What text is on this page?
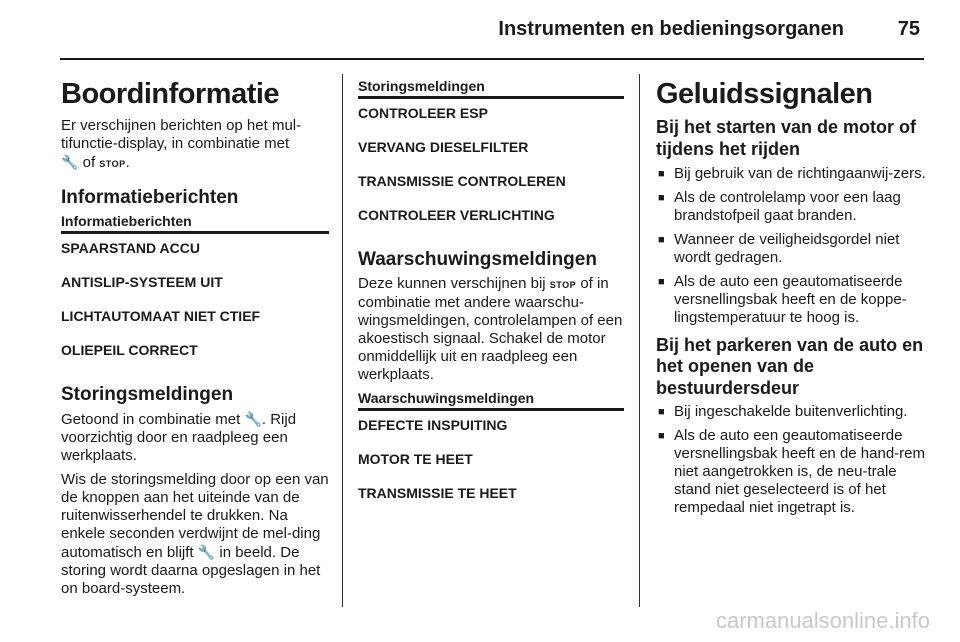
Instrumenten en bedieningsorganen	75
Boordinformatie

Er verschijnen berichten op het mul-tifunctie-display, in combinatie met
🔧 of STOP.

Informatieberichten
Informatieberichten
SPAARSTAND ACCU
ANTISLIP-SYSTEEM UIT
LICHTAUTOMAAT NIET CTIEF
OLIEPEIL CORRECT
Storingsmeldingen

Getoond in combinatie met 🔧. Rijd voorzichtig door en raadpleeg een werkplaats.

Wis de storingsmelding door op een van de knoppen aan het uiteinde van de ruitenwisserhendel te drukken. Na enkele seconden verdwijnt de mel-ding automatisch en blijft 🔧 in beeld. De storing wordt daarna opgeslagen in het on board-systeem.

Storingsmeldingen
CONTROLEER ESP
VERVANG DIESELFILTER
TRANSMISSIE CONTROLEREN
CONTROLEER VERLICHTING
Waarschuwingsmeldingen

Deze kunnen verschijnen bij STOP of in combinatie met andere waarschu-wingsmeldingen, controlelampen of een akoestisch signaal. Schakel de motor onmiddellijk uit en raadpleeg een werkplaats.

Waarschuwingsmeldingen
DEFECTE INSPUITING
MOTOR TE HEET
TRANSMISSIE TE HEET
Geluidssignalen
Bij het starten van de motor of tijdens het rijden
■ Bij gebruik van de richtingaanwij-zers.
■ Als de controlelamp voor een laag brandstofpeil gaat branden.
■ Wanneer de veiligheidsgordel niet wordt gedragen.
■ Als de auto een geautomatiseerde versnellingsbak heeft en de koppe-lingstemperatuur te hoog is.
Bij het parkeren van de auto en het openen van de bestuurdersdeur
■ Bij ingeschakelde buitenverlichting.
■ Als de auto een geautomatiseerde versnellingsbak heeft en de hand-rem niet aangetrokken is, de neu-trale stand niet geselecteerd is of het rempedaal niet ingetrapt is.
carmanualsonline.info
